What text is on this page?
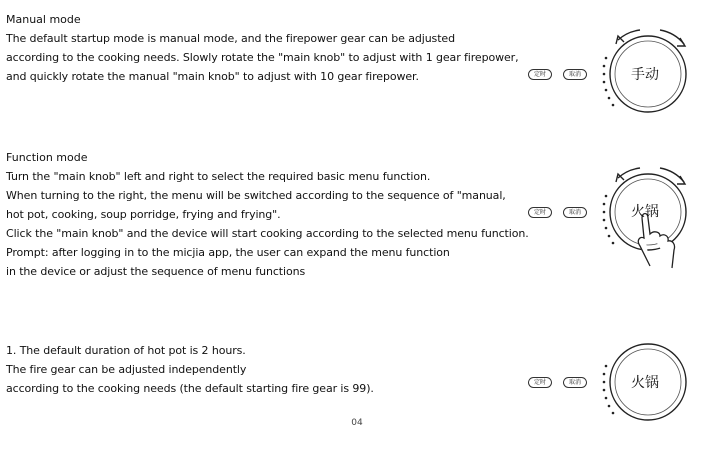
Manual mode
The default startup mode is manual mode, and the firepower gear can be adjusted
according to the cooking needs. Slowly rotate the "main knob" to adjust with 1 gear firepower,
and quickly rotate the manual "main knob" to adjust with 10 gear firepower.	定时	取消	手动
Function mode
Turn the "main knob" left and right to select the required basic menu function.
When turning to the right, the menu will be switched according to the sequence of "manual,
hot pot, cooking, soup porridge, frying and frying".
Click the "main knob" and the device will start cooking according to the selected menu function.
Prompt: after logging in to the micjia app, the user can expand the menu function
in the device or adjust the sequence of menu functions
定时	取消	火锅
1. The default duration of hot pot is 2 hours.
The fire gear can be adjusted independently
according to the cooking needs (the default starting fire gear is 99).	定时	取消	火锅
04
